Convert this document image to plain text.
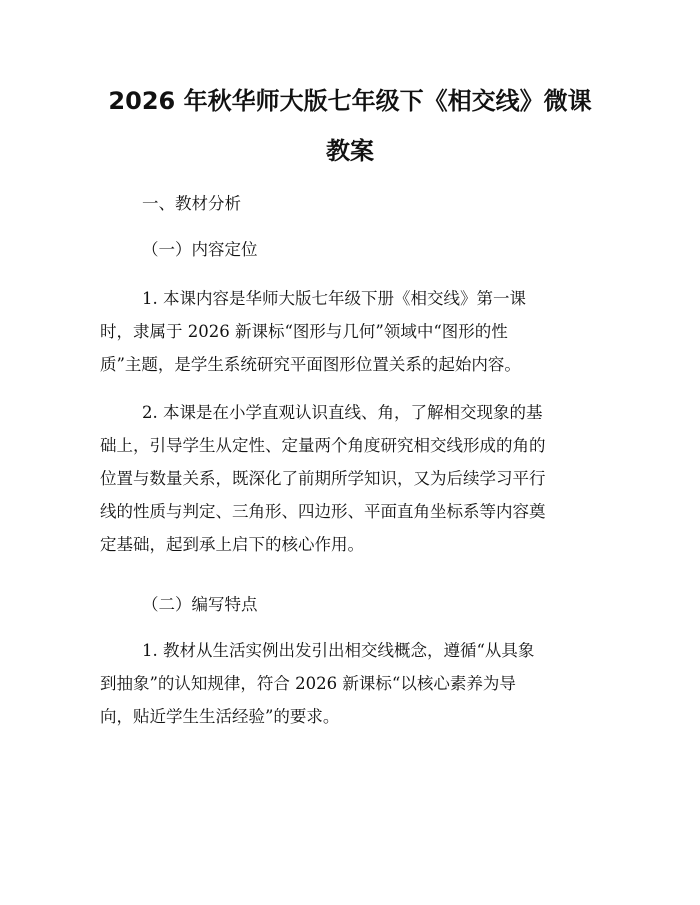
2026 年秋华师大版七年级下《相交线》微课
教案

一、教材分析

（一）内容定位

1. 本课内容是华师大版七年级下册《相交线》第一课
时，隶属于 2026 新课标“图形与几何”领域中“图形的性
质”主题，是学生系统研究平面图形位置关系的起始内容。

2. 本课是在小学直观认识直线、角，了解相交现象的基
础上，引导学生从定性、定量两个角度研究相交线形成的角的
位置与数量关系，既深化了前期所学知识，又为后续学习平行
线的性质与判定、三角形、四边形、平面直角坐标系等内容奠
定基础，起到承上启下的核心作用。

（二）编写特点

1. 教材从生活实例出发引出相交线概念，遵循“从具象
到抽象”的认知规律，符合 2026 新课标“以核心素养为导
向，贴近学生生活经验”的要求。
